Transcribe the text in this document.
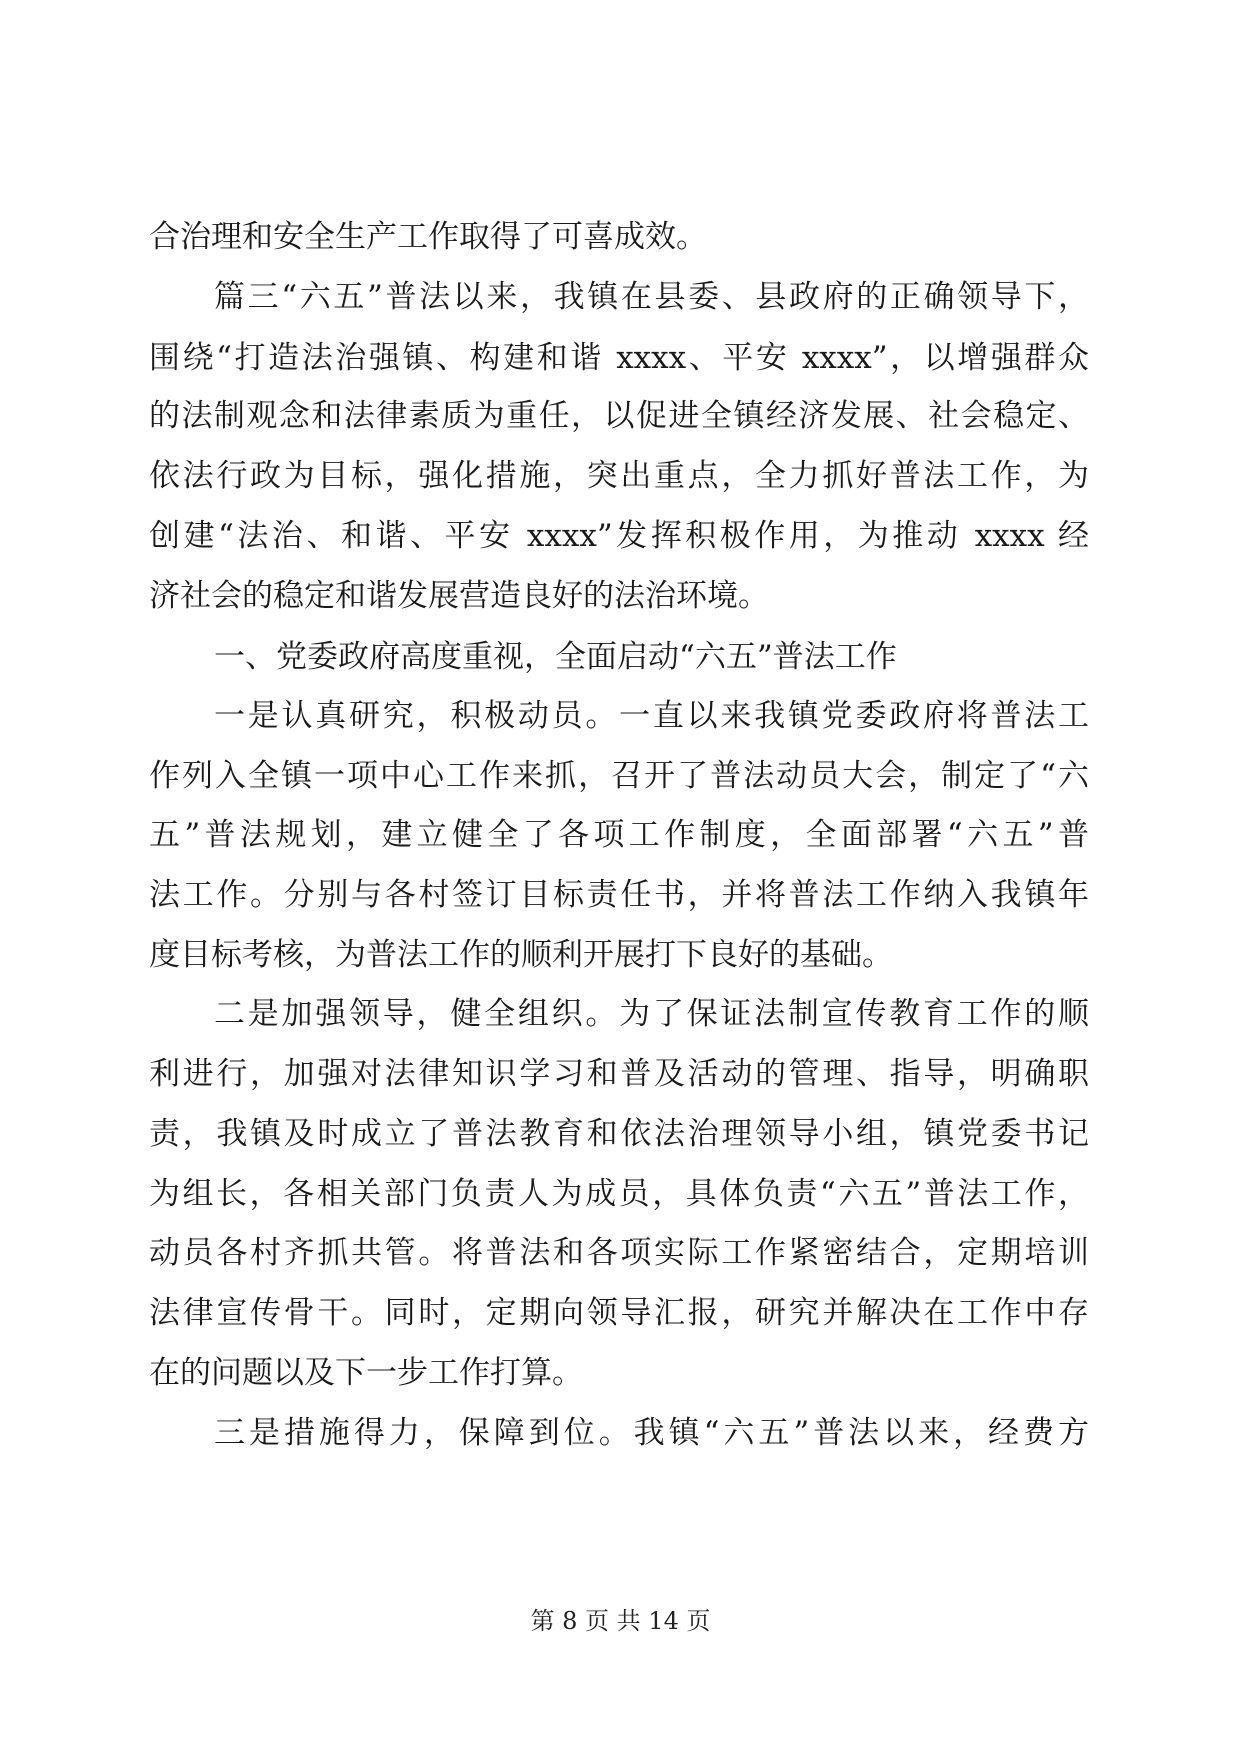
合治理和安全生产工作取得了可喜成效。
篇三“六五”普法以来，我镇在县委、县政府的正确领导下，
围绕“打造法治强镇、构建和谐 xxxx、平安 xxxx”，以增强群众
的法制观念和法律素质为重任，以促进全镇经济发展、社会稳定、
依法行政为目标，强化措施，突出重点，全力抓好普法工作，为
创建“法治、和谐、平安 xxxx”发挥积极作用，为推动 xxxx 经
济社会的稳定和谐发展营造良好的法治环境。
一、党委政府高度重视，全面启动“六五”普法工作
一是认真研究，积极动员。一直以来我镇党委政府将普法工
作列入全镇一项中心工作来抓，召开了普法动员大会，制定了“六
五”普法规划，建立健全了各项工作制度，全面部署“六五”普
法工作。分别与各村签订目标责任书，并将普法工作纳入我镇年
度目标考核，为普法工作的顺利开展打下良好的基础。
二是加强领导，健全组织。为了保证法制宣传教育工作的顺
利进行，加强对法律知识学习和普及活动的管理、指导，明确职
责，我镇及时成立了普法教育和依法治理领导小组，镇党委书记
为组长，各相关部门负责人为成员，具体负责“六五”普法工作，
动员各村齐抓共管。将普法和各项实际工作紧密结合，定期培训
法律宣传骨干。同时，定期向领导汇报，研究并解决在工作中存
在的问题以及下一步工作打算。
三是措施得力，保障到位。我镇“六五”普法以来，经费方
第 8 页 共 14 页
